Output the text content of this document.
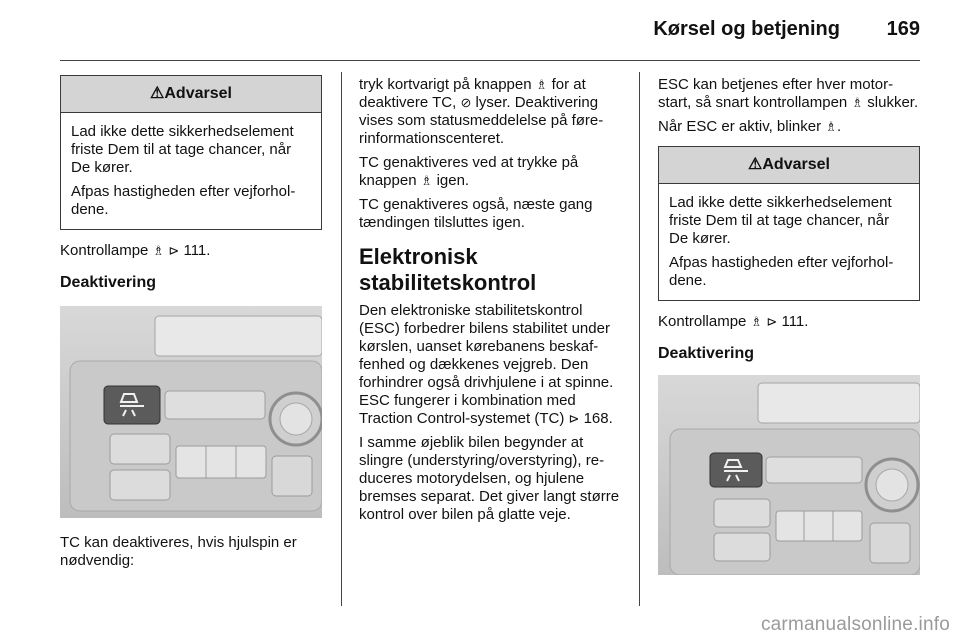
Kørsel og betjening	169
⚠Advarsel

Lad ikke dette sikkerhedselement friste Dem til at tage chancer, når De kører.

Afpas hastigheden efter vejforholdene.

Kontrollampe ♗ ⊳ 111.

Deaktivering

TC kan deaktiveres, hvis hjulspin er nødvendig:

tryk kortvarigt på knappen ♗ for at deaktivere TC, ⊘ lyser. Deaktivering vises som statusmeddelelse på førerinformationscenteret.

TC genaktiveres ved at trykke på knappen ♗ igen.

TC genaktiveres også, næste gang tændingen tilsluttes igen.

Elektronisk stabilitetskontrol

Den elektroniske stabilitetskontrol (ESC) forbedrer bilens stabilitet under kørslen, uanset kørebanens beskaffenhed og dækkenes vejgreb. Den forhindrer også drivhjulene i at spinne. ESC fungerer i kombination med Traction Control-systemet (TC) ⊳ 168.

I samme øjeblik bilen begynder at slingre (understyring/overstyring), reduceres motorydelsen, og hjulene bremses separat. Det giver langt større kontrol over bilen på glatte veje.

ESC kan betjenes efter hver motorstart, så snart kontrollampen ♗ slukker.

Når ESC er aktiv, blinker ♗.

⚠Advarsel

Lad ikke dette sikkerhedselement friste Dem til at tage chancer, når De kører.

Afpas hastigheden efter vejforholdene.

Kontrollampe ♗ ⊳ 111.

Deaktivering

carmanualsonline.info
